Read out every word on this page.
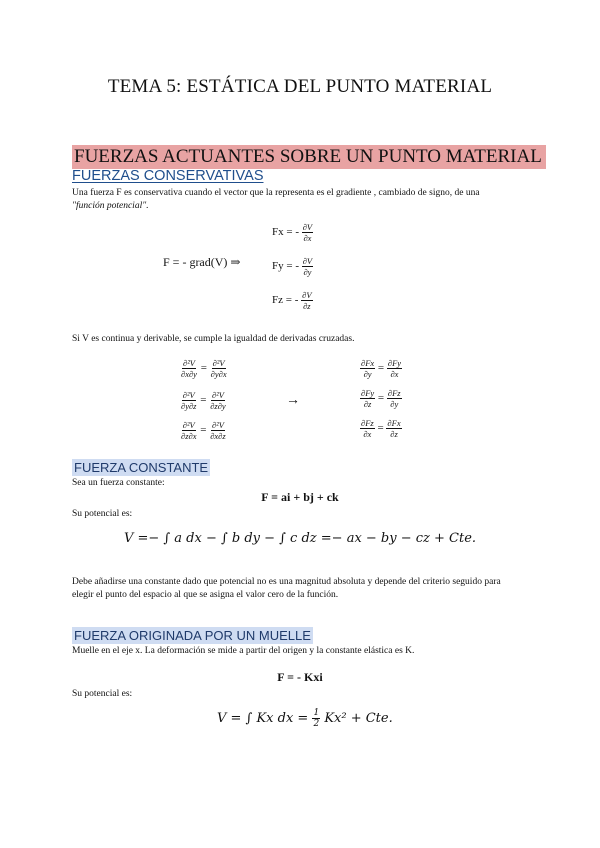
TEMA 5: ESTÁTICA DEL PUNTO MATERIAL
FUERZAS ACTUANTES SOBRE UN PUNTO MATERIAL
FUERZAS CONSERVATIVAS
Una fuerza F es conservativa cuando el vector que la representa es el gradiente , cambiado de signo, de una
"función potencial".
Fx = - $\frac{\partial V}{\partial x}$
F = - grad(V) ⇒	Fy = - $\frac{\partial V}{\partial y}$
Fz = - $\frac{\partial V}{\partial z}$
Si V es continua y derivable, se cumple la igualdad de derivadas cruzadas.
$\frac{\text{∂²V}}{\partial x\partial y} = \frac{\text{∂²V}}{\partial y\partial x}$
$\frac{\text{∂²V}}{\partial y\partial z} = \frac{\text{∂²V}}{\partial z\partial y}$
$\frac{\text{∂²V}}{\partial z\partial x} = \frac{\text{∂²V}}{\partial x\partial z}$
→
$\frac{\partial Fx}{\partial y} = \frac{\partial Fy}{\partial x}$
$\frac{\partial Fy}{\partial z} = \frac{\partial Fz}{\partial y}$
$\frac{\partial Fz}{\partial x} = \frac{\partial Fx}{\partial z}$
FUERZA CONSTANTE
Sea un fuerza constante:
F = ai + bj + ck
Su potencial es:
V =− ∫ a dx − ∫ b dy − ∫ c dz =− ax − by − cz + Cte.
Debe añadirse una constante dado que potencial no es una magnitud absoluta y depende del criterio seguido para
elegir el punto del espacio al que se asigna el valor cero de la función.
FUERZA ORIGINADA POR UN MUELLE
Muelle en el eje x. La deformación se mide a partir del origen y la constante elástica es K.
F = - Kxi
Su potencial es:
V = ∫ Kx dx = $\frac{1}{2} Kx^2$ + Cte.
